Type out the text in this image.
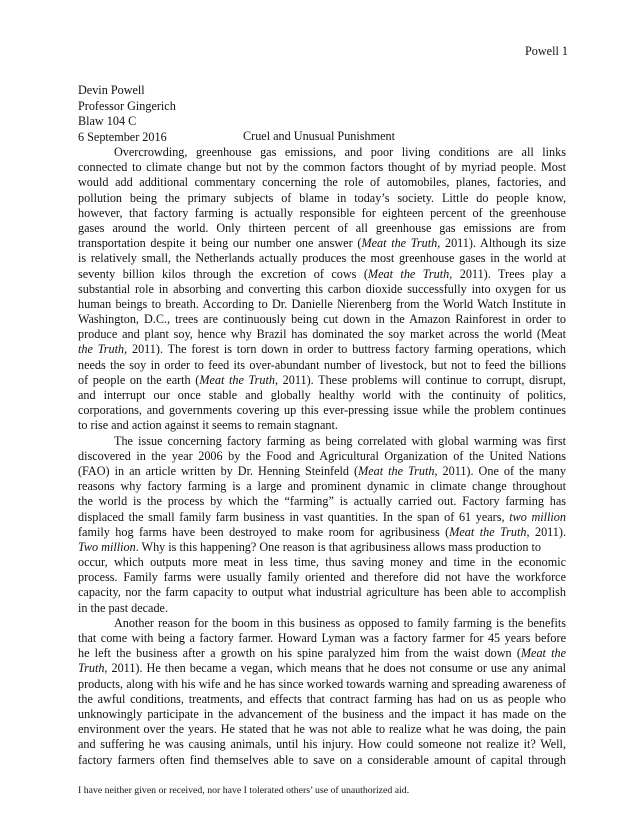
Powell 1
Devin Powell
Professor Gingerich
Blaw 104 C
6 September 2016	Cruel and Unusual Punishment
Overcrowding, greenhouse gas emissions, and poor living conditions are all links
connected to climate change but not by the common factors thought of by myriad people. Most
would add additional commentary concerning the role of automobiles, planes, factories, and
pollution being the primary subjects of blame in today’s society. Little do people know,
however, that factory farming is actually responsible for eighteen percent of the greenhouse
gases around the world. Only thirteen percent of all greenhouse gas emissions are from
transportation despite it being our number one answer (Meat the Truth, 2011). Although its size
is relatively small, the Netherlands actually produces the most greenhouse gases in the world at
seventy billion kilos through the excretion of cows (Meat the Truth, 2011). Trees play a
substantial role in absorbing and converting this carbon dioxide successfully into oxygen for us
human beings to breath. According to Dr. Danielle Nierenberg from the World Watch Institute in
Washington, D.C., trees are continuously being cut down in the Amazon Rainforest in order to
produce and plant soy, hence why Brazil has dominated the soy market across the world (Meat
the Truth, 2011). The forest is torn down in order to buttress factory farming operations, which
needs the soy in order to feed its over-abundant number of livestock, but not to feed the billions
of people on the earth (Meat the Truth, 2011). These problems will continue to corrupt, disrupt,
and interrupt our once stable and globally healthy world with the continuity of politics,
corporations, and governments covering up this ever-pressing issue while the problem continues
to rise and action against it seems to remain stagnant.
The issue concerning factory farming as being correlated with global warming was first
discovered in the year 2006 by the Food and Agricultural Organization of the United Nations
(FAO) in an article written by Dr. Henning Steinfeld (Meat the Truth, 2011). One of the many
reasons why factory farming is a large and prominent dynamic in climate change throughout
the world is the process by which the “farming” is actually carried out. Factory farming has
displaced the small family farm business in vast quantities. In the span of 61 years, two million
family hog farms have been destroyed to make room for agribusiness (Meat the Truth, 2011).
Two million. Why is this happening? One reason is that agribusiness allows mass production to
occur, which outputs more meat in less time, thus saving money and time in the economic
process. Family farms were usually family oriented and therefore did not have the workforce
capacity, nor the farm capacity to output what industrial agriculture has been able to accomplish
in the past decade.
Another reason for the boom in this business as opposed to family farming is the benefits
that come with being a factory farmer. Howard Lyman was a factory farmer for 45 years before
he left the business after a growth on his spine paralyzed him from the waist down (Meat the
Truth, 2011). He then became a vegan, which means that he does not consume or use any animal
products, along with his wife and he has since worked towards warning and spreading awareness of
the awful conditions, treatments, and effects that contract farming has had on us as people who
unknowingly participate in the advancement of the business and the impact it has made on the
environment over the years. He stated that he was not able to realize what he was doing, the pain
and suffering he was causing animals, until his injury. How could someone not realize it? Well,
factory farmers often find themselves able to save on a considerable amount of capital through
I have neither given or received, nor have I tolerated others’ use of unauthorized aid.
